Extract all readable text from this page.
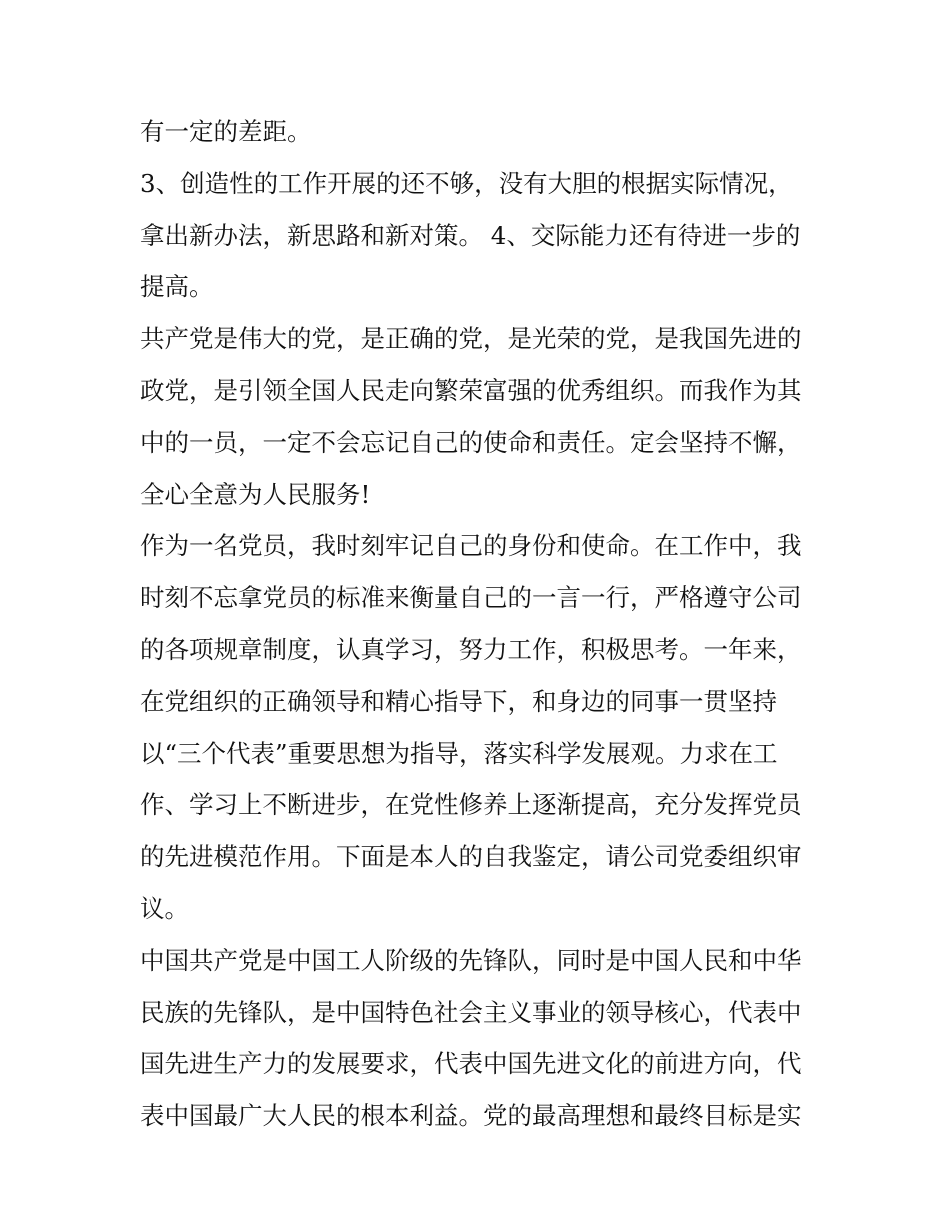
有一定的差距。
3、创造性的工作开展的还不够，没有大胆的根据实际情况，
拿出新办法，新思路和新对策。 4、交际能力还有待进一步的
提高。
共产党是伟大的党，是正确的党，是光荣的党，是我国先进的
政党，是引领全国人民走向繁荣富强的优秀组织。而我作为其
中的一员，一定不会忘记自己的使命和责任。定会坚持不懈，
全心全意为人民服务!
作为一名党员，我时刻牢记自己的身份和使命。在工作中，我
时刻不忘拿党员的标准来衡量自己的一言一行，严格遵守公司
的各项规章制度，认真学习，努力工作，积极思考。一年来，
在党组织的正确领导和精心指导下，和身边的同事一贯坚持
以“三个代表”重要思想为指导，落实科学发展观。力求在工
作、学习上不断进步，在党性修养上逐渐提高，充分发挥党员
的先进模范作用。下面是本人的自我鉴定，请公司党委组织审
议。
中国共产党是中国工人阶级的先锋队，同时是中国人民和中华
民族的先锋队，是中国特色社会主义事业的领导核心，代表中
国先进生产力的发展要求，代表中国先进文化的前进方向，代
表中国最广大人民的根本利益。党的最高理想和最终目标是实
